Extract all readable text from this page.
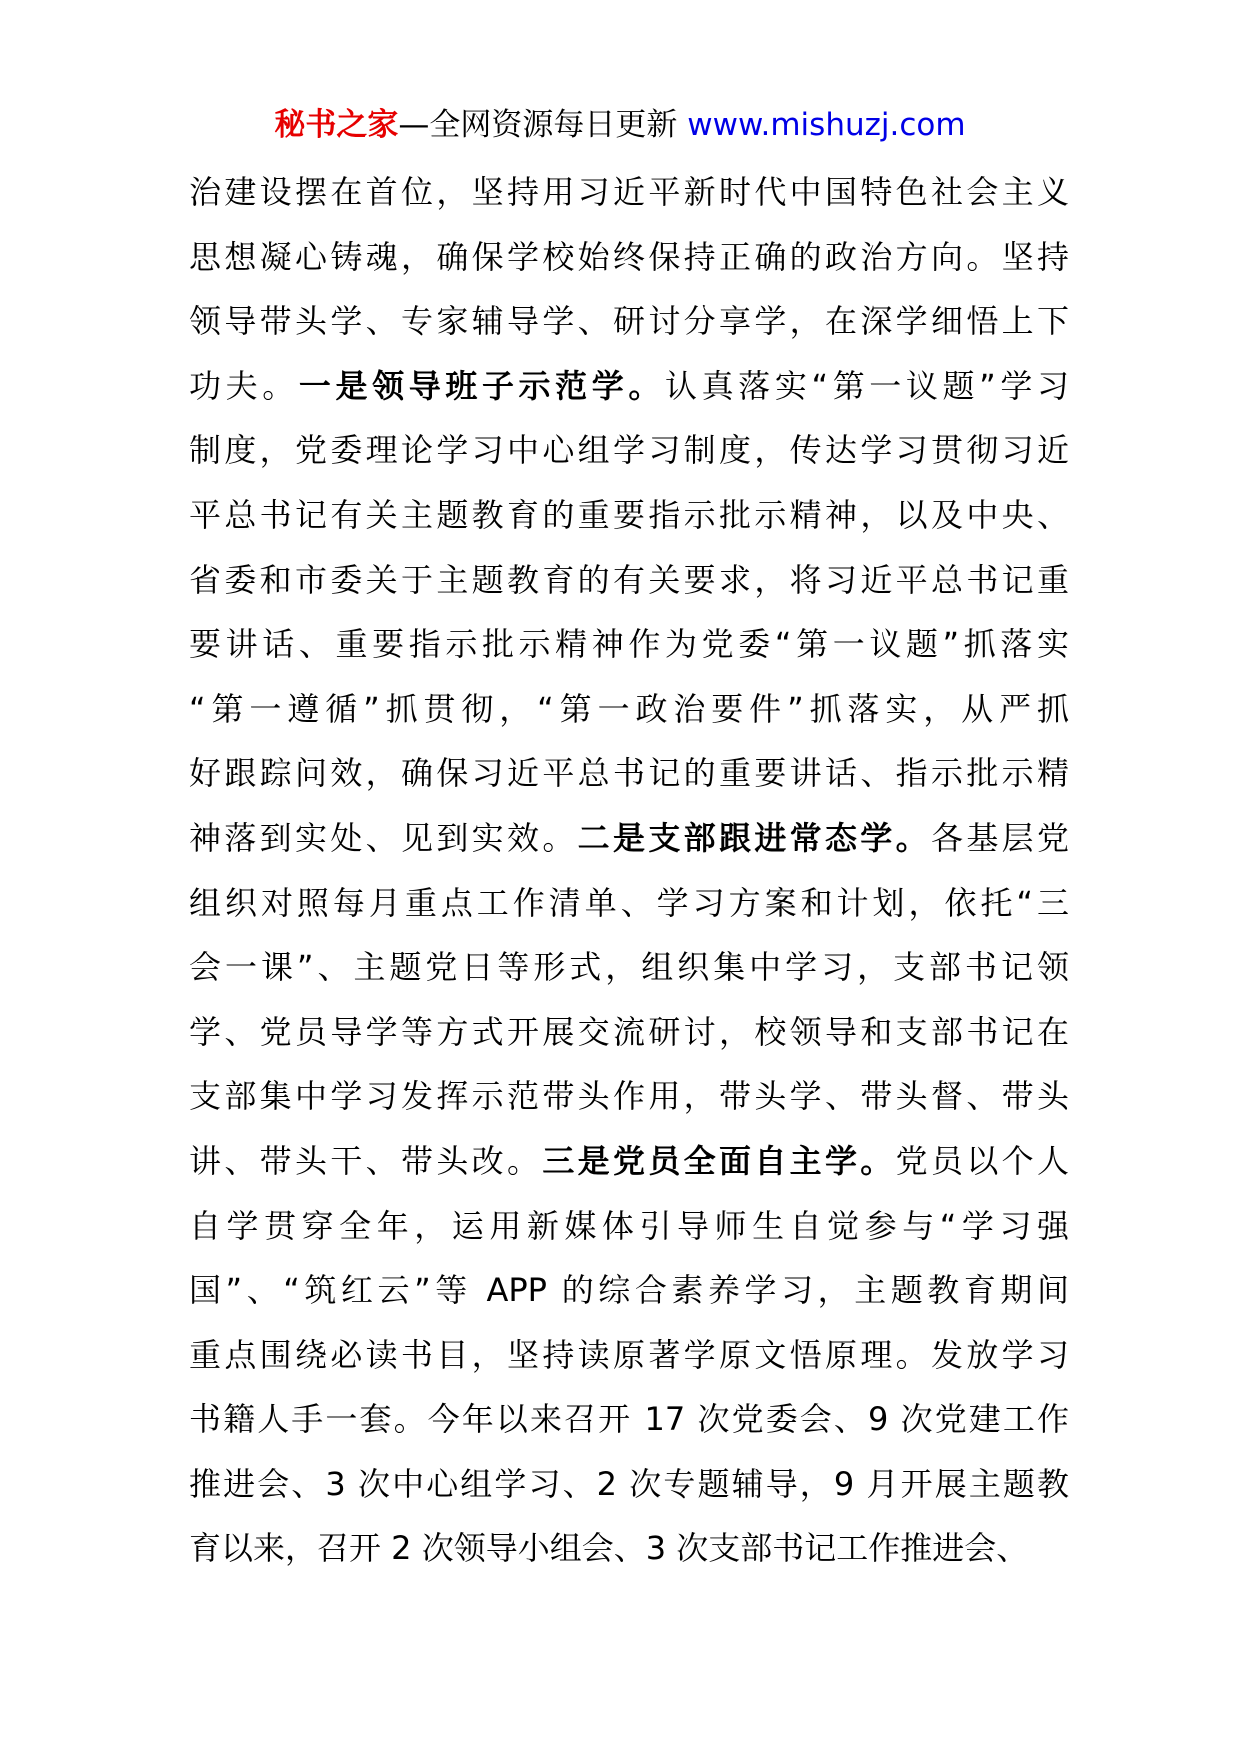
秘书之家—全网资源每日更新 www.mishuzj.com
治建设摆在首位，坚持用习近平新时代中国特色社会主义
思想凝心铸魂，确保学校始终保持正确的政治方向。坚持
领导带头学、专家辅导学、研讨分享学，在深学细悟上下
功夫。一是领导班子示范学。认真落实“第一议题”学习
制度，党委理论学习中心组学习制度，传达学习贯彻习近
平总书记有关主题教育的重要指示批示精神，以及中央、
省委和市委关于主题教育的有关要求，将习近平总书记重
要讲话、重要指示批示精神作为党委“第一议题”抓落实
“第一遵循”抓贯彻，“第一政治要件”抓落实，从严抓
好跟踪问效，确保习近平总书记的重要讲话、指示批示精
神落到实处、见到实效。二是支部跟进常态学。各基层党
组织对照每月重点工作清单、学习方案和计划，依托“三
会一课”、主题党日等形式，组织集中学习，支部书记领
学、党员导学等方式开展交流研讨，校领导和支部书记在
支部集中学习发挥示范带头作用，带头学、带头督、带头
讲、带头干、带头改。三是党员全面自主学。党员以个人
自学贯穿全年，运用新媒体引导师生自觉参与“学习强
国”、“筑红云”等 APP 的综合素养学习，主题教育期间
重点围绕必读书目，坚持读原著学原文悟原理。发放学习
书籍人手一套。今年以来召开 17 次党委会、9 次党建工作
推进会、3 次中心组学习、2 次专题辅导，9 月开展主题教
育以来，召开 2 次领导小组会、3 次支部书记工作推进会、
